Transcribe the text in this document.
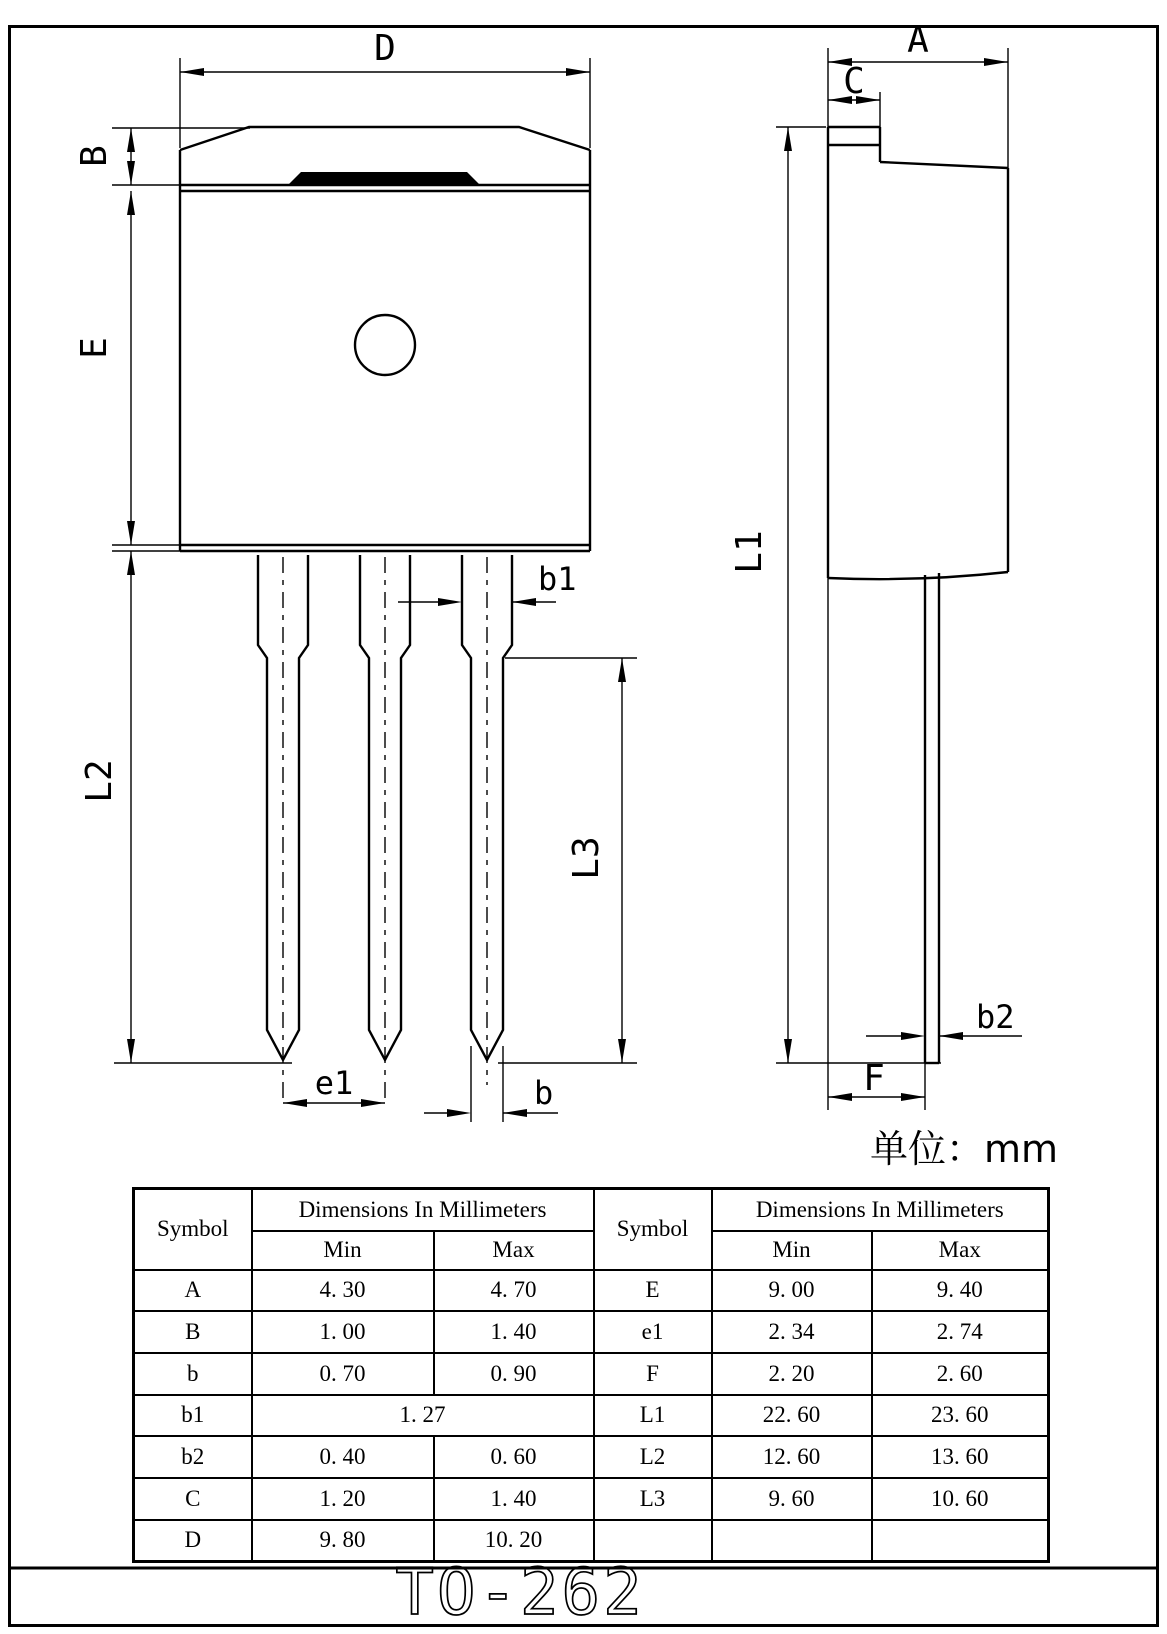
D
B
E
L2
b1
L3
e1	b
A
C
L1
b2
F
单位：mm
TO-262
Symbol	Dimensions In Millimeters		Symbol	Dimensions In Millimeters	
	Min	Max		Min	Max
A	4. 30	4. 70	E	9. 00	9. 40
B	1. 00	1. 40	e1	2. 34	2. 74
b	0. 70	0. 90	F	2. 20	2. 60
b1	1. 27		L1	22. 60	23. 60
b2	0. 40	0. 60	L2	12. 60	13. 60
C	1. 20	1. 40	L3	9. 60	10. 60
D	9. 80	10. 20			
